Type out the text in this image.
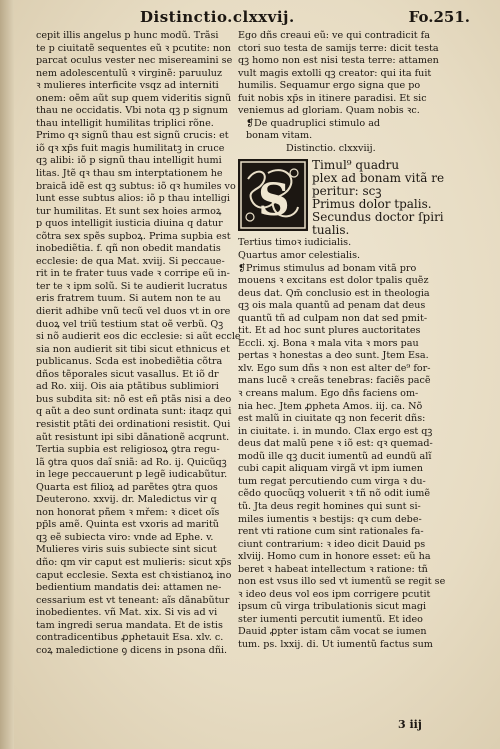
Distinctio.clxxvij.	Fo.251.
cepit illis angelus p hunc modũ. Trãsi
te p ciuitatẽ sequentes eũ ꝛ pcutite: non
parcat oculus vester nec misereamini se
nem adolescentulũ ꝛ virginẽ: paruuluz
ꝛ mulieres interficite vsqz ad interniti
onem: oẽm aũt sup quem videritis signũ
thau ne occidatis. Vbi nota qꝫ p signum
thau intelligit humilitas triplici rõne.
Primo qꝛ signũ thau est signũ crucis: et
iõ qꝛ xp̃s fuit magis humilitatꝫ in cruce
qꝫ alibi: iõ p signũ thau intelligit humi
litas. Jtẽ qꝛ thau sm interptationem he
braicã idẽ est qꝫ subtus: iõ qꝛ humiles vo
lunt esse subtus alios: iõ p thau intelligi
tur humilitas. Et sunt sex hoies armoꝝ
p quos intelligit iusticia diuina q datur
cõtra sex spẽs supboꝝ. Prima supbia est
inobediẽtia. f. qñ non obedit mandatis
ecclesie: de qua Mat. xviij. Si peccaue-
rit in te frater tuus vade ꝛ corripe eũ in-
ter te ꝛ ipm solũ. Si te audierit lucratus
eris fratrem tuum. Si autem non te au
dierit adhibe vnũ tecũ vel duos vt in ore
duoꝝ vel triũ testium stat oẽ verbũ. Qꝫ
si nõ audierit eos dic ecclesie: si aũt eccle
sia non audierit sit tibi sicut ethnicus et
publicanus. Scda est inobediẽtia cõtra
dños tẽporales sicut vasallus. Et iõ dr
ad Ro. xiij. Ois aia ptãtibus sublimiori
bus subdita sit: nõ est eñ ptãs nisi a deo
q aũt a deo sunt ordinata sunt: itaqz qui
resistit ptãti dei ordinationi resistit. Qui
aũt resistunt ipi sibi dãnationẽ acqrunt.
Tertia supbia est religiosoꝝ ꝯtra regu-
lã ꝯtra quos daĩ sniã: ad Ro. ij. Quicũqꝫ
in lege peccauerunt p legẽ iudicabũtur.
Quarta est filioꝝ ad parẽtes ꝯtra quos
Deuterono. xxvij. dr. Maledictus vir q
non honorat pñem ꝛ mřem: ꝛ dicet oĩs
pp̃ls amẽ. Quinta est vxoris ad maritũ
qꝫ eẽ subiecta viro: vnde ad Ephe. v.
Mulieres viris suis subiecte sint sicut
dño: qm vir caput est mulieris: sicut xp̃s
caput ecclesie. Sexta est chꝛistianoꝝ ino
bedientium mandatis dei: attamen ne-
cessarium est vt teneant: aĩs dãnabũtur
inobedientes. vñ Mat. xix. Si vis ad vi
tam ingredi serua mandata. Et de istis
contradicentibus ꝓphetauit Esa. xlv. c.
coꝝ maledictione ꝯ dicens in psona dñi.
Ego dñs creaui eũ: ve qui contradicit fa
ctori suo testa de samijs terre: dicit testa
qꝫ homo non est nisi testa terre: attamen
vult magis extolli qꝫ creator: qui ita fuit
humilis. Sequamur ergo signa que po
fuit nobis xp̃s in itinere paradisi. Et sic
veniemus ad gloriam. Quam nobis ꝛc.
❡De quadruplici stimulo ad
bonam vitam.
Distinctio. clxxviij.
S
Timul⁹ quadru
plex ad bonam vitã re
peritur: scꝫ
Primus dolor tpalis.
Secundus doctor ſpiri
tualis.
Tertius timoꝛ iudicialis.
Quartus amor celestialis.
❡Primus stimulus ad bonam vitã pro
mouens ꝛ excitans est dolor tpalis quẽz
deus dat. Qm̃ conclusio est in theologia
qꝫ ois mala quantũ ad penam dat deus
quantũ tñ ad culpam non dat sed pmit-
tit. Et ad hoc sunt plures auctoritates
Eccli. xj. Bona ꝛ mala vita ꝛ mors pau
pertas ꝛ honestas a deo sunt. Jtem Esa.
xlv. Ego sum dñs ꝛ non est alter de⁹ for-
mans lucẽ ꝛ creãs tenebras: faciẽs pacẽ
ꝛ creans malum. Ego dñs faciens om-
nia hec. Jtem ꝓpheta Amos. iij. ca. Nõ
est malũ in ciuitate qꝫ non fecerit dñs:
in ciuitate. i. in mundo. Clax ergo est qꝫ
deus dat malũ pene ꝛ iõ est: qꝛ quemad-
modũ ille qꝫ ducit iumentũ ad eundũ alĩ
cubi capit aliquam virgã vt ipm iumen
tum regat percutiendo cum virga ꝛ du-
cẽdo quocũqꝫ voluerit ꝛ tñ nõ odit iumẽ
tũ. Jta deus regit homines qui sunt si-
miles iumentis ꝛ bestijs: qꝛ cum debe-
rent vti ratione cum sint rationales fa-
ciunt contrarium: ꝛ ideo dicit Dauid ps
xlviij. Homo cum in honore esset: eũ ha
beret ꝛ habeat intellectum ꝛ ratione: tñ
non est vsus illo sed vt iumentũ se regit se
ꝛ ideo deus vol eos ipm corrigere pcutit
ipsum cũ virga tribulationis sicut magi
ster iumenti percutit iumentũ. Et ideo
Dauid ꝓpter istam cãm vocat se iumen
tum. ps. lxxij. di. Ut iumentũ factus sum
3 iij
